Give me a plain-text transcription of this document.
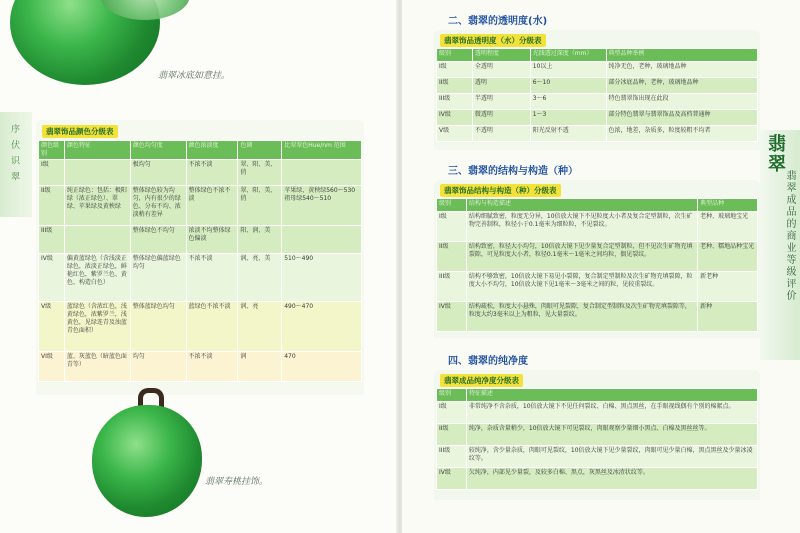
翡翠冰底如意挂。
序 伏 识 翠	翡翠饰品颜色分级表
颜色级别	颜色特征	颜色均匀度	颜色浓淡度	色调	比翠翠色Hue/nm 范围
I级		极均匀	不浓不淡	翠、阳、美、俏	
II级	纯正绿色：包括：极阳绿（浓正绿色）、翠绿、苹果绿及黄秧绿	整体绿色较为均匀，内有很少的绿色、分布不均、浓淡稍有差异	整体绿色不浓不淡	翠、阳、美、俏	苹果绿，黄秧绿560～530祖母绿540～510
III级		整体绿色不均匀	浓淡不均整体绿色偏淡	阳、润、美	
IV级	偏黄蓝绿色（含浅淡正绿色，浓淡正绿色，鲜艳红色，紫罗兰色、黄色、构造白色）	整体绿色偏蓝绿色均匀	不浓不淡	润、亮、美	510～490
V级	蓝绿色（含浓红色，浅黄绿色，浓紫罗兰，浅黄色，见绿连青及浊蓝青色面积）	整体蓝绿色均匀	蓝绿色不浓不淡	润、亮	490～470
VI级	蓝、灰蓝色（暗蓝色面青等）	均匀	不浓不淡	润	470
翡翠寿桃挂饰。
二、翡翠的透明度(水)
翡翠饰品透明度（水）分级表
级别	透明程度	光线透过深度（mm）	典型品种举例
I级	全透明	10以上	纯净无色，老种，玻璃地品种
II级	透明	6～10	部分冰底品种，老种，玻璃地品种
III级	半透明	3～6	特色翡翠饰出现在此段
IV级	微透明	1～3	部分特色翡翠与翡翠饰品及高档普通种
V级	不透明	阳光反射不透	色浓，地差，杂质多，粒度较粗不均者
三、翡翠的结构与构造（种）
翡翠饰品结构与构造（种）分级表
级别	结构与构造描述	典型品种
I级	结构细腻致密，粒度无分异，10倍放大镜下不见粒度大小者及复合定型制粒，次生矿物完善制粒，粒径小于0.1毫米为细粒粒，不见裂纹。	老种、玻璃地宝光
II级	结构致密，粒径大小均匀，10倍放大镜下见少量复合定型制粒，但不见次生矿物充填裂隙，可见粒度大小者，粒径0.1毫米～1毫米之间均粒，偶见裂纹。	老种、糯地品种宝光
III级	结构不够致密，10倍放大镜下易见小裂隙，复合制定型制粒及次生矿物充填裂隙，粒度大小不均匀，10倍放大镜下见1毫米～3毫米之间的粒，见较重裂纹。	新老种
IV级	结构疏松，粒度大小悬殊，肉眼可见裂隙，复合制定型制粒及次生矿物充填裂隙等，粒度大约3毫米以上为粗粒，见大量裂纹。	新种
四、翡翠的纯净度
翡翠成品纯净度分级表
级别	特征描述
I级	非常纯净不含杂质，10倍放大镜下不见任何裂纹、白棉、黑点黑丝，在手眼视线偶有个别的棉絮点。
II级	纯净，杂质含量稍少，10倍放大镜下可见裂纹，肉眼观察少量细小黑点、白棉及黑丝丝等。
III级	较纯净，含少量杂质，肉眼可见裂纹，10倍放大镜下见少量裂纹，肉眼可见少量白棉，黑点黑丝及少量冰凌纹等。
IV级	欠纯净，内部见少量裂，及较多白棉、黑点，灰黑丝及冰渣状纹等。
翡翠
翡翠成品的商业等级评价
